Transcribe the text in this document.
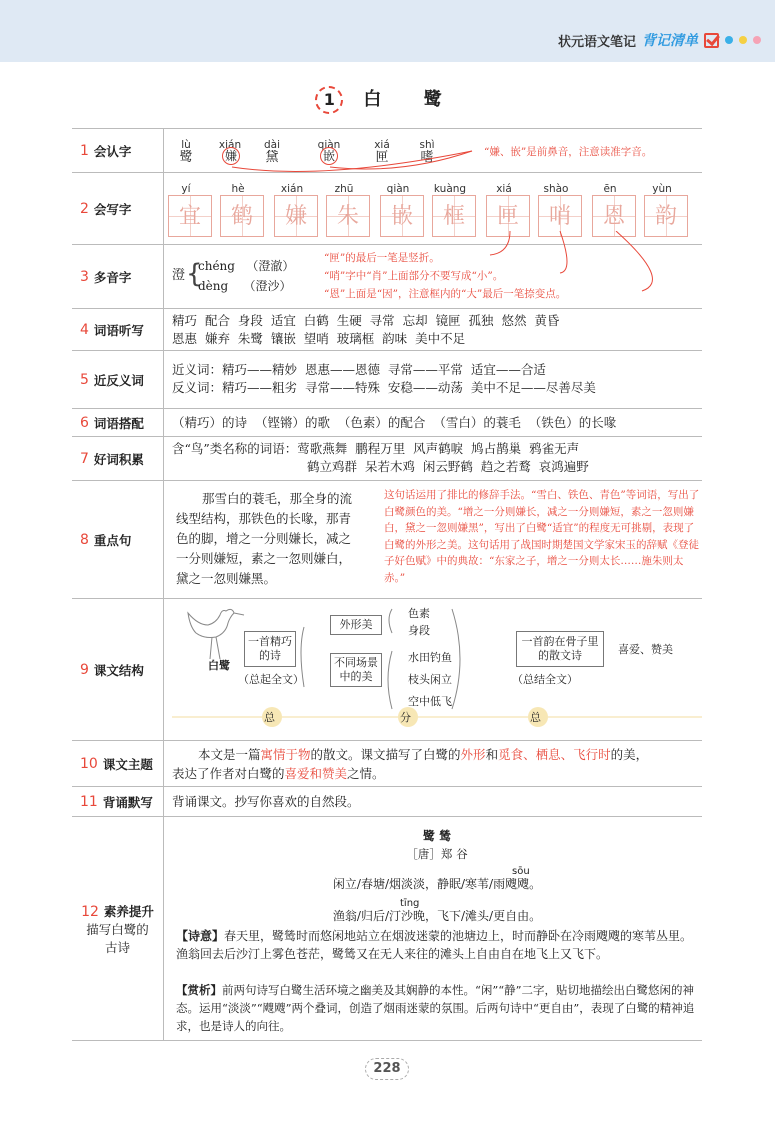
状元语文笔记 背记清单
1 白 鹭
1 会认字	lù	xián	dài	qiàn	xiá	shì
鹭	嫌	黛	嵌	匣	嗜	“嫌、嵌”是前鼻音，注意读准字音。
2 会写字
yí	hè	xián	zhū	qiàn	kuàng	xiá	shào	ēn	yùn
宜	鹤	嫌	朱	嵌	框	匣	哨	恩	韵
3 多音字	澄 {
chéng （澄澈）
dèng （澄沙）
“匣”的最后一笔是竖折。
“哨”字中“肖”上面部分不要写成“小”。
“恩”上面是“因”，注意框内的“大”最后一笔捺变点。
4 词语听写
精巧  配合  身段  适宜  白鹤  生硬  寻常  忘却  镜匣  孤独  悠然  黄昏
恩惠  嫌弃  朱鹭  镶嵌  望哨  玻璃框  韵味  美中不足
5 近反义词
近义词：精巧——精妙  恩惠——恩德  寻常——平常  适宜——合适
反义词：精巧——粗劣  寻常——特殊  安稳——动荡  美中不足——尽善尽美
6 词语搭配 （精巧）的诗  （铿锵）的歌  （色素）的配合  （雪白）的蓑毛  （铁色）的长喙
7 好词积累
含“鸟”类名称的词语：莺歌燕舞  鹏程万里  风声鹤唳  鸠占鹊巢  鸦雀无声
鹤立鸡群  呆若木鸡  闲云野鹤  趋之若鹜  哀鸿遍野
8 重点句
那雪白的蓑毛，那全身的流线型结构，那铁色的长喙，那青色的脚，增之一分则嫌长，减之一分则嫌短，素之一忽则嫌白，黛之一忽则嫌黑。
这句话运用了排比的修辞手法。“雪白、铁色、青色”等词语，写出了白鹭颜色的美。“增之一分则嫌长，减之一分则嫌短，素之一忽则嫌白，黛之一忽则嫌黑”，写出了白鹭“适宜”的程度无可挑剔，表现了白鹭的外形之美。这句话用了战国时期楚国文学家宋玉的辞赋《登徒子好色赋》中的典故：“东家之子，增之一分则太长……施朱则太赤。”
9 课文结构	白鹭
一首精巧的诗
（总起全文）
外形美
不同场景中的美
色素
身段
水田钓鱼
枝头闲立
空中低飞
一首韵在骨子里的散文诗
（总结全文）
喜爱、赞美
总	分	总
10 课文主题
本文是一篇寓情于物的散文。课文描写了白鹭的外形和觅食、栖息、飞行时的美，
表达了作者对白鹭的喜爱和赞美之情。
11 背诵默写 背诵课文。抄写你喜欢的自然段。
12 素养提升
描写白鹭的
古诗
鹭 鸶
［唐］郑 谷
sōu
闲立/春塘/烟淡淡，静眠/寒苇/雨飕飕。
tīng
渔翁/归后/汀沙晚，飞下/滩头/更自由。
【诗意】春天里，鹭鸶时而悠闲地站立在烟波迷蒙的池塘边上，时而静卧在冷雨飕飕的寒苇丛里。渔翁回去后沙汀上雾色苍茫，鹭鸶又在无人来往的滩头上自由自在地飞上又飞下。
【赏析】前两句诗写白鹭生活环境之幽美及其娴静的本性。“闲”“静”二字，贴切地描绘出白鹭悠闲的神态。运用“淡淡”“飕飕”两个叠词，创造了烟雨迷蒙的氛围。后两句诗中“更自由”，表现了白鹭的精神追求，也是诗人的向往。
228
